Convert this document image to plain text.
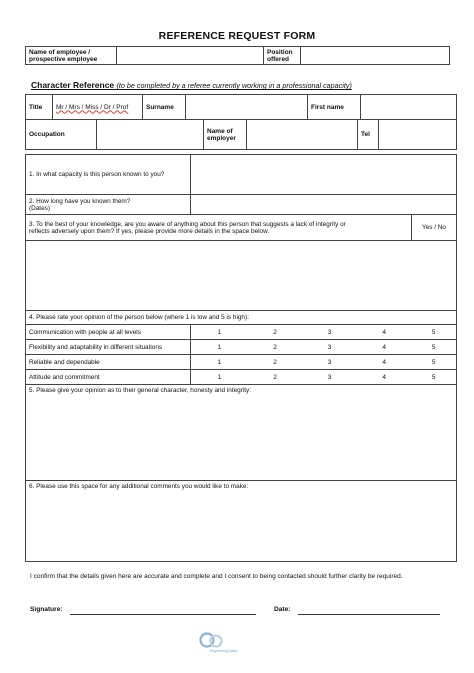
REFERENCE REQUEST FORM
Name of employee /
prospective employee		Position
offered	
Character Reference (to be completed by a referee currently working in a professional capacity)
Title	Mr / Mrs / Miss / Dr / Prof	Surname		First name	
Occupation		Name of
employer		Tel	
1. In what capacity is this person known to you?					
2. How long have you known them?
(Dates)					
3. To the best of your knowledge, are you aware of anything about this person that suggests a lack of integrity or
reflects adversely upon them? If yes, please provide more details in the space below.					Yes / No

4. Please rate your opinion of the person below (where 1 is low and 5 is high):					
Communication with people at all levels	1	2	3	4	5
Flexibility and adaptability in different situations	1	2	3	4	5
Reliable and dependable	1	2	3	4	5
Attitude and commitment	1	2	3	4	5
5. Please give your opinion as to their general character, honesty and integrity:					
6. Please use this space for any additional comments you would like to make:					
I confirm that the details given here are accurate and complete and I consent to being contacted should further clarity be required.
Signature:	Date:
RegisteringQuality
